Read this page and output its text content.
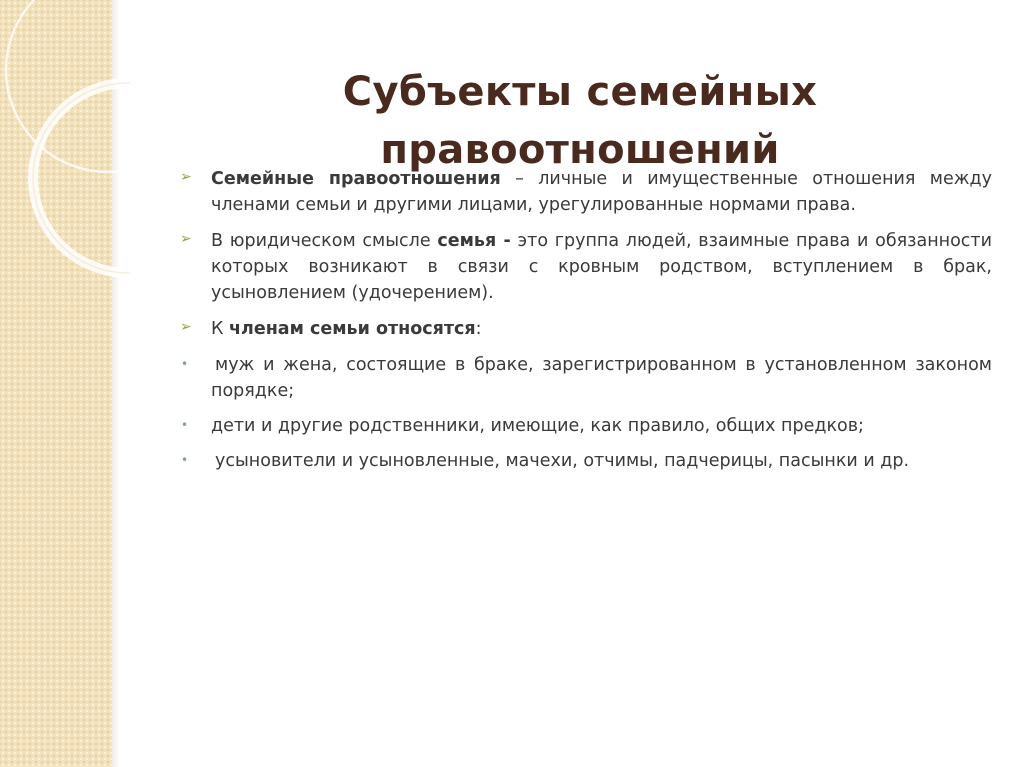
Субъекты семейных правоотношений
➢ Семейные правоотношения – личные и имущественные отношения между членами семьи и другими лицами, урегулированные нормами права.
➢ В юридическом смысле семья - это группа людей, взаимные права и обязанности которых возникают в связи с кровным родством, вступлением в брак, усыновлением (удочерением).
➢ К членам семьи относятся:
•	муж и жена, состоящие в браке, зарегистрированном в установленном законом порядке;
•	дети и другие родственники, имеющие, как правило, общих предков;
•	усыновители и усыновленные, мачехи, отчимы, падчерицы, пасынки и др.
